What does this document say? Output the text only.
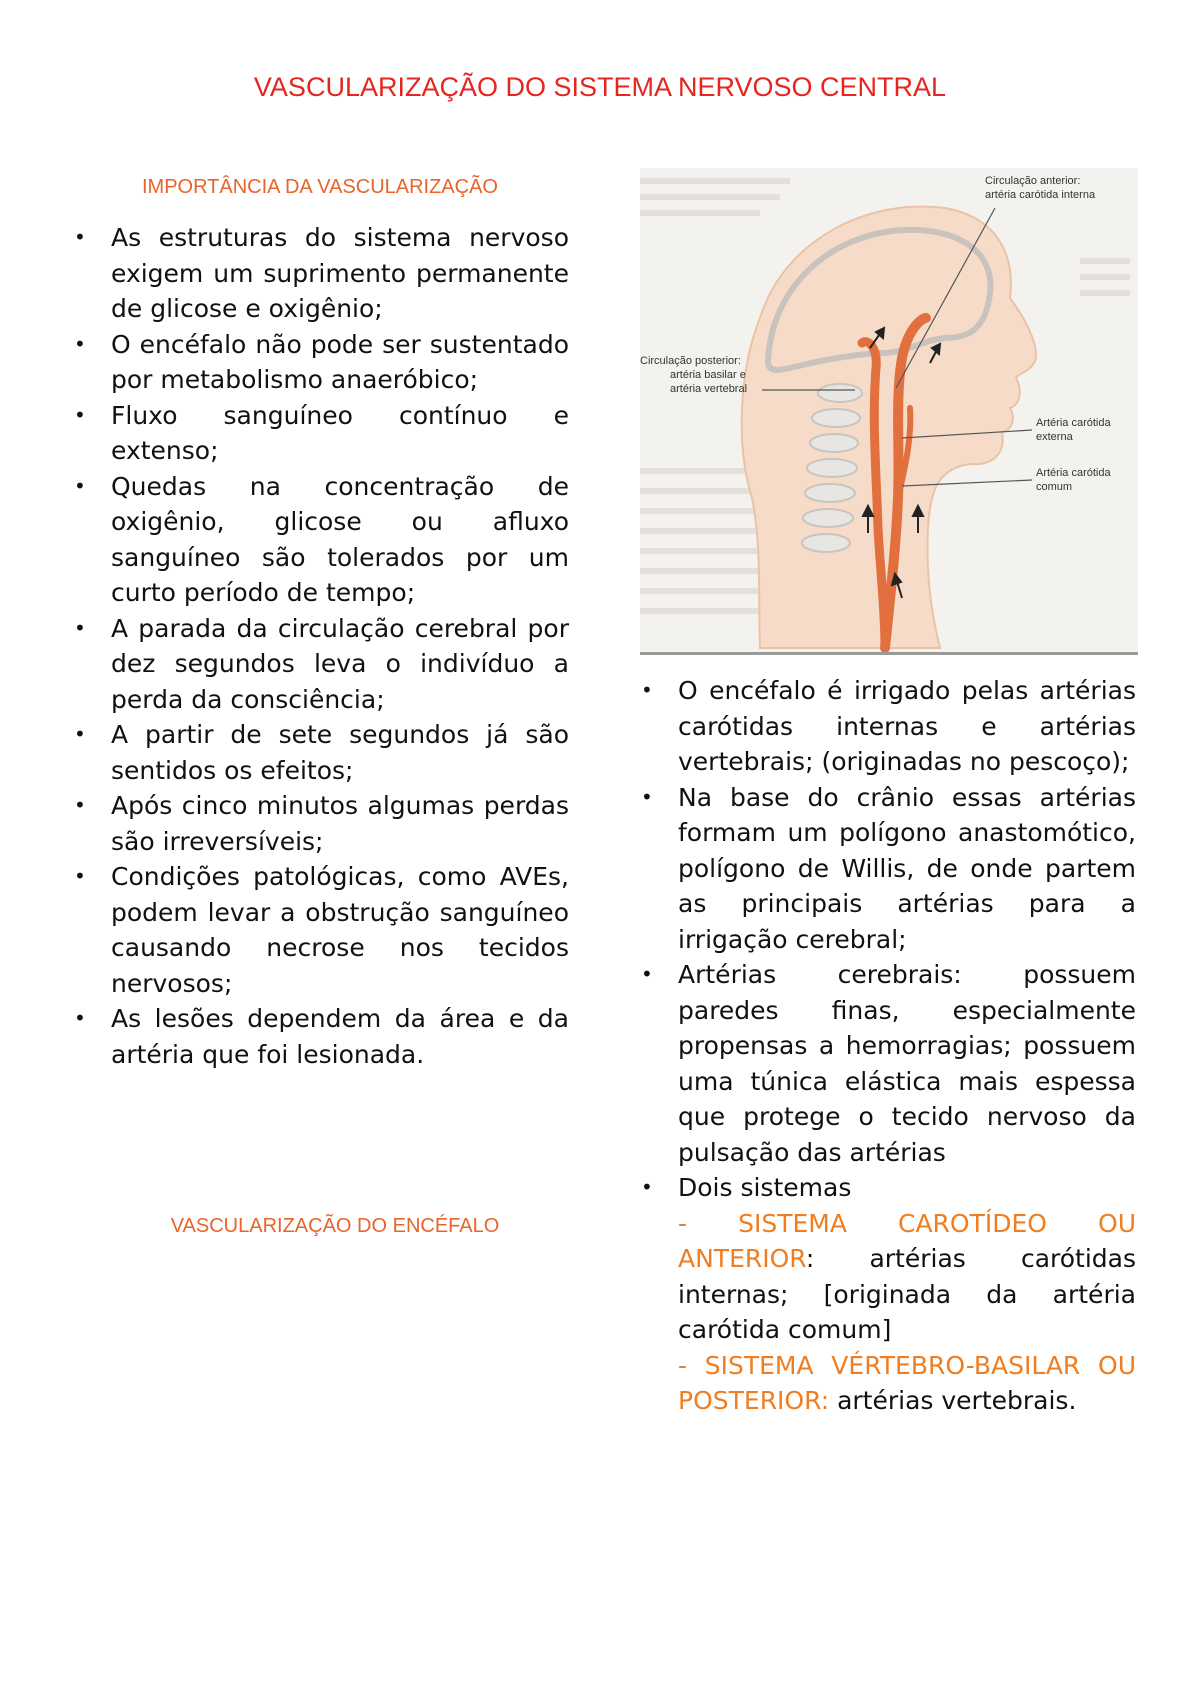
VASCULARIZAÇÃO DO SISTEMA NERVOSO CENTRAL
IMPORTÂNCIA DA VASCULARIZAÇÃO
• As estruturas do sistema nervoso exigem um suprimento permanente de glicose e oxigênio;
• O encéfalo não pode ser sustentado por metabolismo anaeróbico;
• Fluxo sanguíneo contínuo e extenso;
• Quedas na concentração de oxigênio, glicose ou afluxo sanguíneo são tolerados por um curto período de tempo;
• A parada da circulação cerebral por dez segundos leva o indivíduo a perda da consciência;
• A partir de sete segundos já são sentidos os efeitos;
• Após cinco minutos algumas perdas são irreversíveis;
• Condições patológicas, como AVEs, podem levar a obstrução sanguíneo causando necrose nos tecidos nervosos;
• As lesões dependem da área e da artéria que foi lesionada.
VASCULARIZAÇÃO DO ENCÉFALO
Circulação anterior:
artéria carótida interna
Circulação posterior:
artéria basilar e
artéria vertebral
Artéria carótida
externa
Artéria carótida
comum
• O encéfalo é irrigado pelas artérias carótidas internas e artérias vertebrais; (originadas no pescoço);
• Na base do crânio essas artérias formam um polígono anastomótico, polígono de Willis, de onde partem as principais artérias para a irrigação cerebral;
• Artérias cerebrais: possuem paredes finas, especialmente propensas a hemorragias; possuem uma túnica elástica mais espessa que protege o tecido nervoso da pulsação das artérias
• Dois sistemas
- SISTEMA CAROTÍDEO OU ANTERIOR: artérias carótidas internas; [originada da artéria carótida comum]
- SISTEMA VÉRTEBRO-BASILAR OU POSTERIOR: artérias vertebrais.
